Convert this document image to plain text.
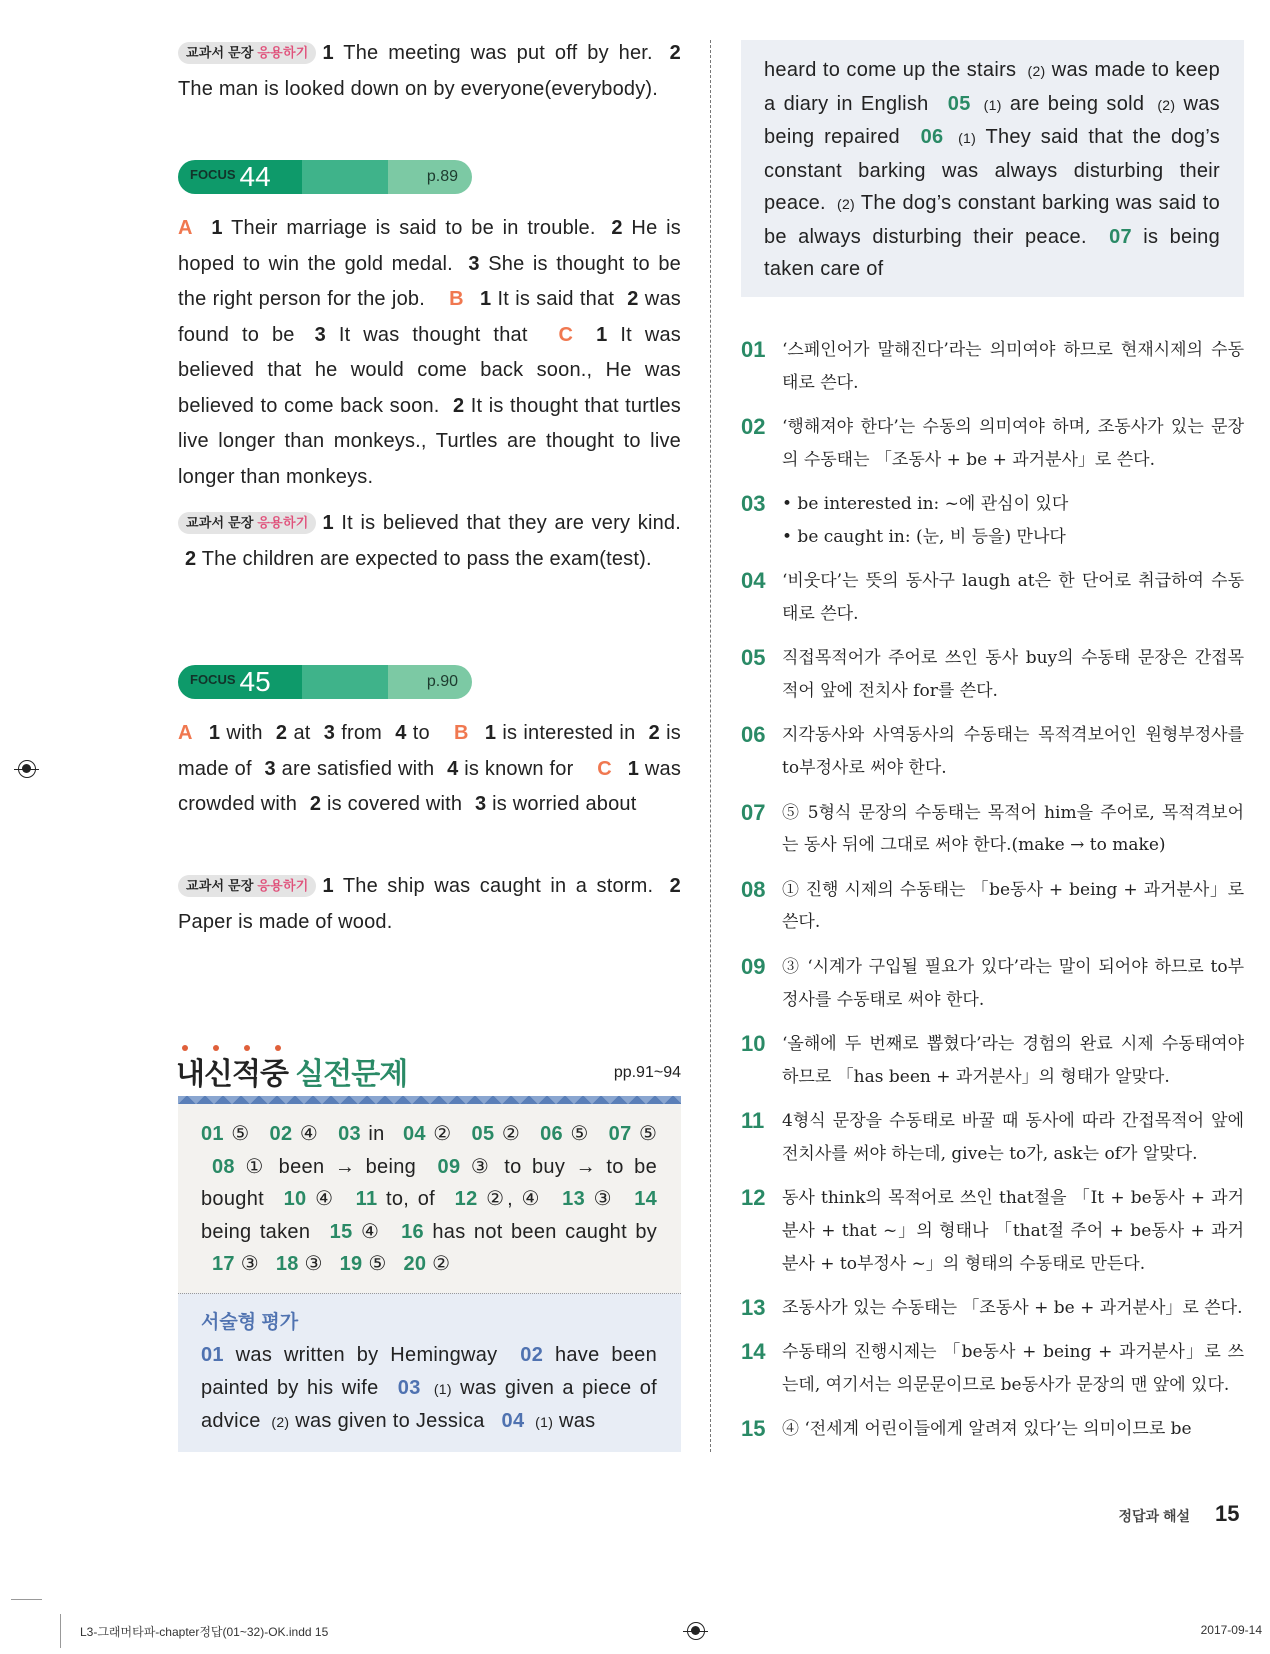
교과서 문장 응용하기 1 The meeting was put off by her. 2 The man is looked down on by everyone(everybody).
FOCUS 44	p.89
A 1 Their marriage is said to be in trouble. 2 He is hoped to win the gold medal. 3 She is thought to be the right person for the job. B 1 It is said that 2 was found to be 3 It was thought that C 1 It was believed that he would come back soon., He was believed to come back soon. 2 It is thought that turtles live longer than monkeys., Turtles are thought to live longer than monkeys.
교과서 문장 응용하기 1 It is believed that they are very kind. 2 The children are expected to pass the exam(test).
FOCUS 45	p.90
A 1 with 2 at 3 from 4 to B 1 is interested in 2 is made of 3 are satisfied with 4 is known for C 1 was crowded with 2 is covered with 3 is worried about
교과서 문장 응용하기 1 The ship was caught in a storm. 2 Paper is made of wood.
내신적중 실전문제	pp.91~94
01 ⑤ 02 ④ 03 in 04 ② 05 ② 06 ⑤ 07 ⑤ 08 ① been → being 09 ③ to buy → to be bought 10 ④ 11 to, of 12 ②, ④ 13 ③ 14 being taken 15 ④ 16 has not been caught by 17 ③ 18 ③ 19 ⑤ 20 ②
서술형 평가
01 was written by Hemingway 02 have been painted by his wife 03 (1) was given a piece of advice (2) was given to Jessica 04 (1) was
heard to come up the stairs (2) was made to keep a diary in English 05 (1) are being sold (2) was being repaired 06 (1) They said that the dog’s constant barking was always disturbing their peace. (2) The dog’s constant barking was said to be always disturbing their peace. 07 is being taken care of
01 ‘스페인어가 말해진다’라는 의미여야 하므로 현재시제의 수동태로 쓴다.
02 ‘행해져야 한다’는 수동의 의미여야 하며, 조동사가 있는 문장의 수동태는 「조동사 + be + 과거분사」로 쓴다.
03 • be interested in: ~에 관심이 있다
• be caught in: (눈, 비 등을) 만나다
04 ‘비웃다’는 뜻의 동사구 laugh at은 한 단어로 취급하여 수동태로 쓴다.
05 직접목적어가 주어로 쓰인 동사 buy의 수동태 문장은 간접목적어 앞에 전치사 for를 쓴다.
06 지각동사와 사역동사의 수동태는 목적격보어인 원형부정사를 to부정사로 써야 한다.
07 ⑤ 5형식 문장의 수동태는 목적어 him을 주어로, 목적격보어는 동사 뒤에 그대로 써야 한다.(make → to make)
08 ① 진행 시제의 수동태는 「be동사 + being + 과거분사」로 쓴다.
09 ③ ‘시계가 구입될 필요가 있다’라는 말이 되어야 하므로 to부정사를 수동태로 써야 한다.
10 ‘올해에 두 번째로 뽑혔다’라는 경험의 완료 시제 수동태여야 하므로 「has been + 과거분사」의 형태가 알맞다.
11	4형식 문장을 수동태로 바꿀 때 동사에 따라 간접목적어 앞에 전치사를 써야 하는데, give는 to가, ask는 of가 알맞다.
12 동사 think의 목적어로 쓰인 that절을 「It + be동사 + 과거분사 + that ~」의 형태나 「that절 주어 + be동사 + 과거분사 + to부정사 ~」의 형태의 수동태로 만든다.
13 조동사가 있는 수동태는 「조동사 + be + 과거분사」로 쓴다.
14 수동태의 진행시제는 「be동사 + being + 과거분사」로 쓰는데, 여기서는 의문문이므로 be동사가 문장의 맨 앞에 있다.
15 ④ ‘전세계 어린이들에게 알려져 있다’는 의미이므로 be
정답과 해설 15
L3-그래머타파-chapter정답(01~32)-OK.indd 15	2017-09-14
